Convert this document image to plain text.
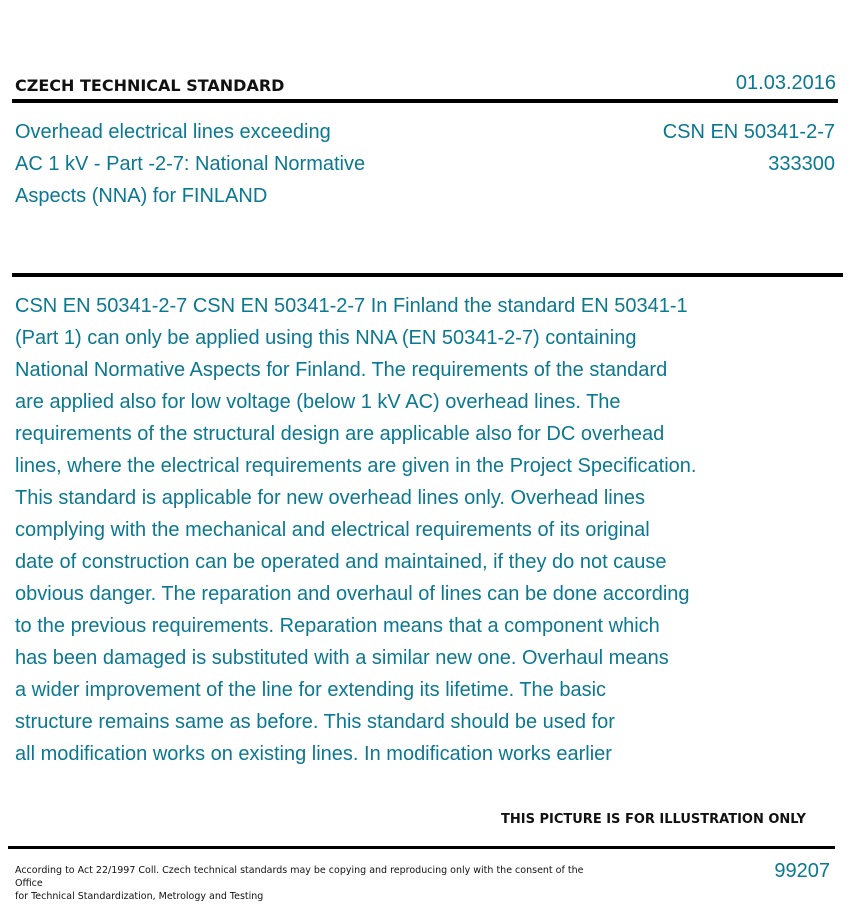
CZECH TECHNICAL STANDARD	01.03.2016
Overhead electrical lines exceeding
AC 1 kV - Part -2-7: National Normative
Aspects (NNA) for FINLAND
CSN EN 50341-2-7
333300
CSN EN 50341-2-7 CSN EN 50341-2-7 In Finland the standard EN 50341-1
(Part 1) can only be applied using this NNA (EN 50341-2-7) containing
National Normative Aspects for Finland. The requirements of the standard
are applied also for low voltage (below 1 kV AC) overhead lines. The
requirements of the structural design are applicable also for DC overhead
lines, where the electrical requirements are given in the Project Specification.
This standard is applicable for new overhead lines only. Overhead lines
complying with the mechanical and electrical requirements of its original
date of construction can be operated and maintained, if they do not cause
obvious danger. The reparation and overhaul of lines can be done according
to the previous requirements. Reparation means that a component which
has been damaged is substituted with a similar new one. Overhaul means
a wider improvement of the line for extending its lifetime. The basic
structure remains same as before. This standard should be used for
all modification works on existing lines. In modification works earlier
THIS PICTURE IS FOR ILLUSTRATION ONLY
According to Act 22/1997 Coll. Czech technical standards may be copying and reproducing only with the consent of the Office
for Technical Standardization, Metrology and Testing
99207
